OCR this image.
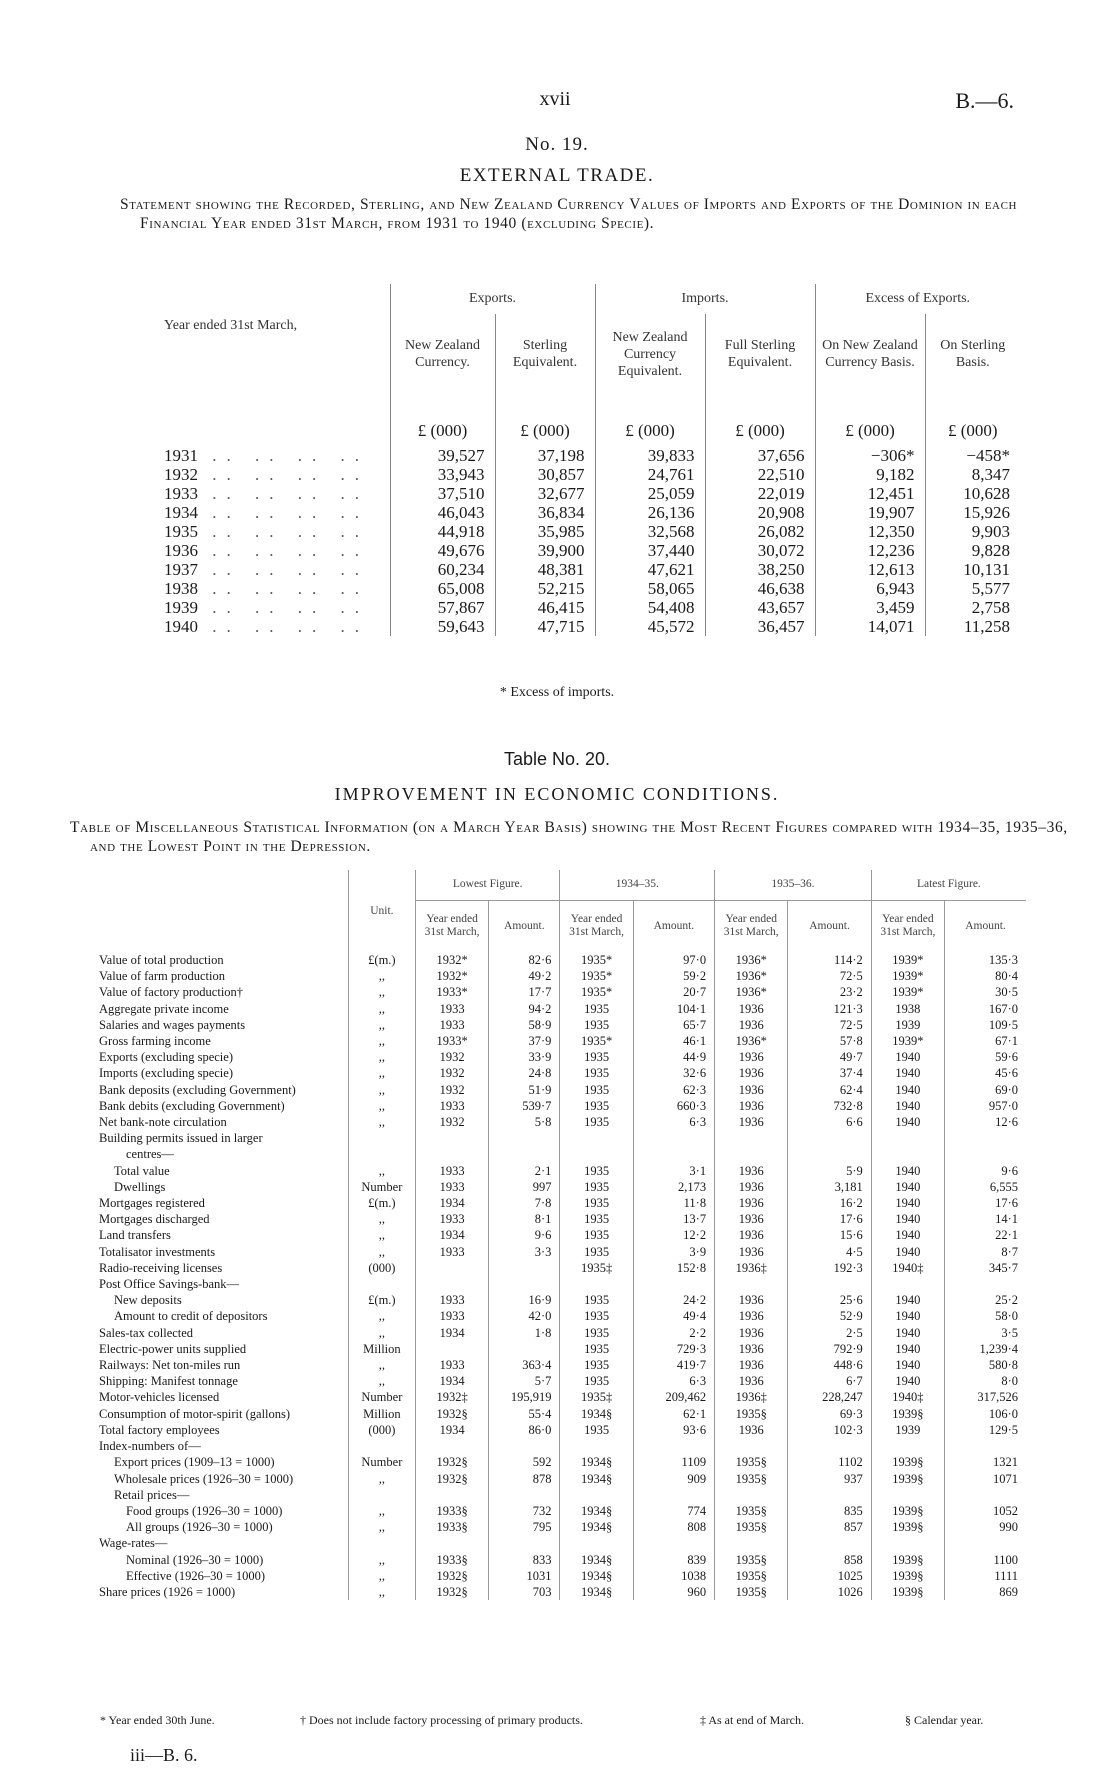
xvii	B.—6.
No. 19.
EXTERNAL TRADE.
Statement showing the Recorded, Sterling, and New Zealand Currency Values of Imports and Exports of the Dominion in each Financial Year ended 31st March, from 1931 to 1940 (excluding Specie).
Year ended 31st March,	Exports.		Imports.		Excess of Exports.	
	New Zealand Currency.	Sterling Equivalent.	New Zealand Currency Equivalent.	Full Sterling Equivalent.	On New Zealand Currency Basis.	On Sterling Basis.
	£ (000)	£ (000)	£ (000)	£ (000)	£ (000)	£ (000)
1931 .. .. .. ..	39,527	37,198	39,833	37,656	−306*	−458*
1932 .. .. .. ..	33,943	30,857	24,761	22,510	9,182	8,347
1933 .. .. .. ..	37,510	32,677	25,059	22,019	12,451	10,628
1934 .. .. .. ..	46,043	36,834	26,136	20,908	19,907	15,926
1935 .. .. .. ..	44,918	35,985	32,568	26,082	12,350	9,903
1936 .. .. .. ..	49,676	39,900	37,440	30,072	12,236	9,828
1937 .. .. .. ..	60,234	48,381	47,621	38,250	12,613	10,131
1938 .. .. .. ..	65,008	52,215	58,065	46,638	6,943	5,577
1939 .. .. .. ..	57,867	46,415	54,408	43,657	3,459	2,758
1940 .. .. .. ..	59,643	47,715	45,572	36,457	14,071	11,258
* Excess of imports.
Table No. 20.
IMPROVEMENT IN ECONOMIC CONDITIONS.
Table of Miscellaneous Statistical Information (on a March Year Basis) showing the Most Recent Figures compared with 1934–35, 1935–36, and the Lowest Point in the Depression.
	Unit.	Lowest Figure.		1934–35.		1935–36.		Latest Figure.	
		Year ended 31st March,	Amount.	Year ended 31st March,	Amount.	Year ended 31st March,	Amount.	Year ended 31st March,	Amount.
Value of total production	£(m.)	1932*	82·6	1935*	97·0	1936*	114·2	1939*	135·3
Value of farm production	,,	1932*	49·2	1935*	59·2	1936*	72·5	1939*	80·4
Value of factory production†	,,	1933*	17·7	1935*	20·7	1936*	23·2	1939*	30·5
Aggregate private income	,,	1933	94·2	1935	104·1	1936	121·3	1938	167·0
Salaries and wages payments	,,	1933	58·9	1935	65·7	1936	72·5	1939	109·5
Gross farming income	,,	1933*	37·9	1935*	46·1	1936*	57·8	1939*	67·1
Exports (excluding specie)	,,	1932	33·9	1935	44·9	1936	49·7	1940	59·6
Imports (excluding specie)	,,	1932	24·8	1935	32·6	1936	37·4	1940	45·6
Bank deposits (excluding Government)	,,	1932	51·9	1935	62·3	1936	62·4	1940	69·0
Bank debits (excluding Government)	,,	1933	539·7	1935	660·3	1936	732·8	1940	957·0
Net bank-note circulation	,,	1932	5·8	1935	6·3	1936	6·6	1940	12·6
Building permits issued in larger									
centres—									
Total value	,,	1933	2·1	1935	3·1	1936	5·9	1940	9·6
Dwellings	Number	1933	997	1935	2,173	1936	3,181	1940	6,555
Mortgages registered	£(m.)	1934	7·8	1935	11·8	1936	16·2	1940	17·6
Mortgages discharged	,,	1933	8·1	1935	13·7	1936	17·6	1940	14·1
Land transfers	,,	1934	9·6	1935	12·2	1936	15·6	1940	22·1
Totalisator investments	,,	1933	3·3	1935	3·9	1936	4·5	1940	8·7
Radio-receiving licenses	(000)			1935‡	152·8	1936‡	192·3	1940‡	345·7
Post Office Savings-bank—									
New deposits	£(m.)	1933	16·9	1935	24·2	1936	25·6	1940	25·2
Amount to credit of depositors	,,	1933	42·0	1935	49·4	1936	52·9	1940	58·0
Sales-tax collected	,,	1934	1·8	1935	2·2	1936	2·5	1940	3·5
Electric-power units supplied	Million			1935	729·3	1936	792·9	1940	1,239·4
Railways: Net ton-miles run	,,	1933	363·4	1935	419·7	1936	448·6	1940	580·8
Shipping: Manifest tonnage	,,	1934	5·7	1935	6·3	1936	6·7	1940	8·0
Motor-vehicles licensed	Number	1932‡	195,919	1935‡	209,462	1936‡	228,247	1940‡	317,526
Consumption of motor-spirit (gallons)	Million	1932§	55·4	1934§	62·1	1935§	69·3	1939§	106·0
Total factory employees	(000)	1934	86·0	1935	93·6	1936	102·3	1939	129·5
Index-numbers of—									
Export prices (1909–13 = 1000)	Number	1932§	592	1934§	1109	1935§	1102	1939§	1321
Wholesale prices (1926–30 = 1000)	,,	1932§	878	1934§	909	1935§	937	1939§	1071
Retail prices—									
Food groups (1926–30 = 1000)	,,	1933§	732	1934§	774	1935§	835	1939§	1052
All groups (1926–30 = 1000)	,,	1933§	795	1934§	808	1935§	857	1939§	990
Wage-rates—									
Nominal (1926–30 = 1000)	,,	1933§	833	1934§	839	1935§	858	1939§	1100
Effective (1926–30 = 1000)	,,	1932§	1031	1934§	1038	1935§	1025	1939§	1111
Share prices (1926 = 1000)	,,	1932§	703	1934§	960	1935§	1026	1939§	869
* Year ended 30th June.	† Does not include factory processing of primary products.	‡ As at end of March.	§ Calendar year.
iii—B. 6.
